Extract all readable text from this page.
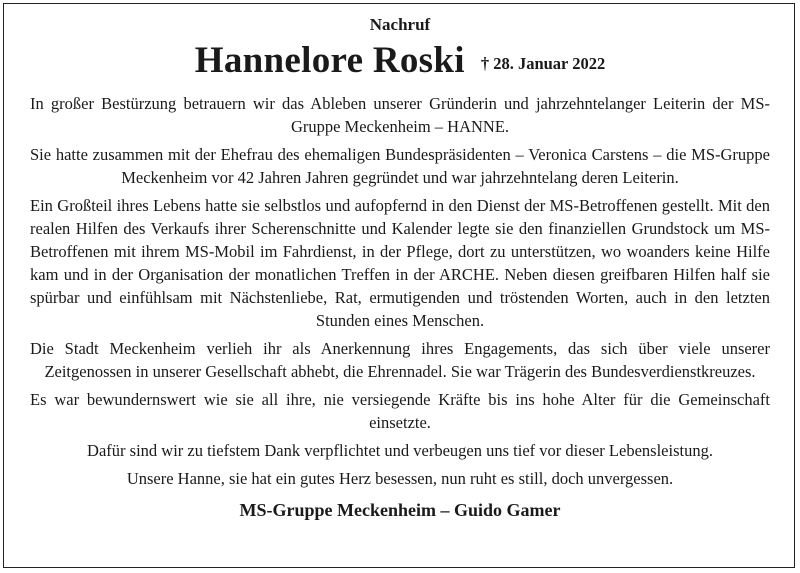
Nachruf
Hannelore Roski † 28. Januar 2022

In großer Bestürzung betrauern wir das Ableben unserer Gründerin und jahrzehntelanger Leiterin der MS-Gruppe Meckenheim – HANNE.

Sie hatte zusammen mit der Ehefrau des ehemaligen Bundespräsidenten – Veronica Carstens – die MS-Gruppe Meckenheim vor 42 Jahren Jahren gegründet und war jahrzehntelang deren Leiterin.

Ein Großteil ihres Lebens hatte sie selbstlos und aufopfernd in den Dienst der MS-Betroffenen gestellt. Mit den realen Hilfen des Verkaufs ihrer Scherenschnitte und Kalender legte sie den finanziellen Grundstock um MS-Betroffenen mit ihrem MS-Mobil im Fahrdienst, in der Pflege, dort zu unterstützen, wo woanders keine Hilfe kam und in der Organisation der monatlichen Treffen in der ARCHE. Neben diesen greifbaren Hilfen half sie spürbar und einfühlsam mit Nächstenliebe, Rat, ermutigenden und tröstenden Worten, auch in den letzten Stunden eines Menschen.

Die Stadt Meckenheim verlieh ihr als Anerkennung ihres Engagements, das sich über viele unserer Zeitgenossen in unserer Gesellschaft abhebt, die Ehrennadel. Sie war Trägerin des Bundesverdienstkreuzes.

Es war bewundernswert wie sie all ihre, nie versiegende Kräfte bis ins hohe Alter für die Gemeinschaft einsetzte.

Dafür sind wir zu tiefstem Dank verpflichtet und verbeugen uns tief vor dieser Lebensleistung.

Unsere Hanne, sie hat ein gutes Herz besessen, nun ruht es still, doch unvergessen.

MS-Gruppe Meckenheim – Guido Gamer
